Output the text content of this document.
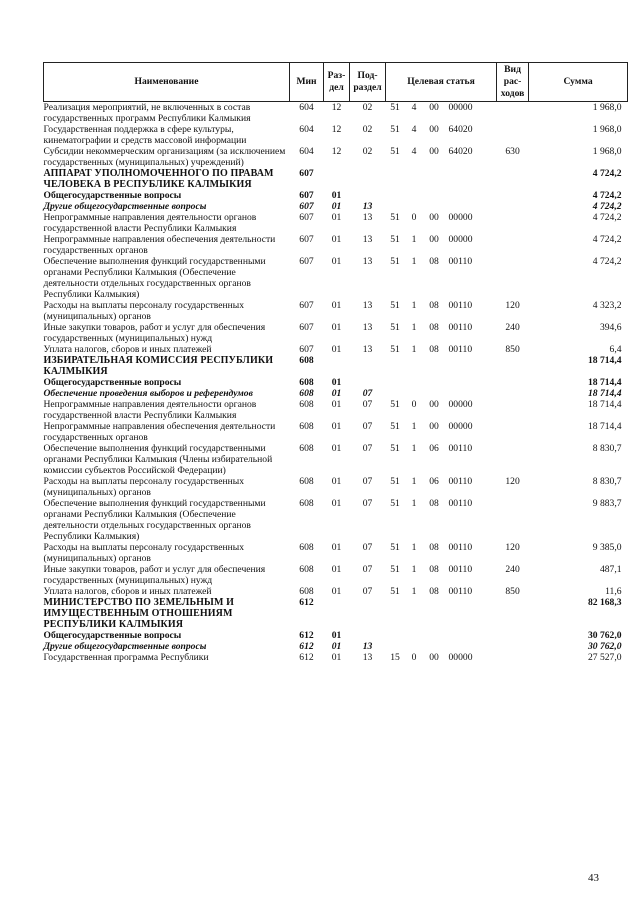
Наименование	Мин	Раз-дел	Под-раздел	Целевая статья				Вид рас-ходов	Сумма
Реализация мероприятий, не включенных в состав государственных программ Республики Калмыкия	604	12	02	51	4	00	00000		1 968,0
Государственная поддержка в сфере культуры, кинематографии и средств массовой информации	604	12	02	51	4	00	64020		1 968,0
Субсидии некоммерческим организациям (за исключением государственных (муниципальных) учреждений)	604	12	02	51	4	00	64020	630	1 968,0
АППАРАТ УПОЛНОМОЧЕННОГО ПО ПРАВАМ ЧЕЛОВЕКА В РЕСПУБЛИКЕ КАЛМЫКИЯ	607								4 724,2
Общегосударственные вопросы	607	01							4 724,2
Другие общегосударственные вопросы	607	01	13						4 724,2
Непрограммные направления деятельности органов государственной власти Республики Калмыкия	607	01	13	51	0	00	00000		4 724,2
Непрограммные направления обеспечения деятельности государственных органов	607	01	13	51	1	00	00000		4 724,2
Обеспечение выполнения функций государственными органами Республики Калмыкия (Обеспечение деятельности отдельных государственных органов Республики Калмыкия)	607	01	13	51	1	08	00110		4 724,2
Расходы на выплаты персоналу государственных (муниципальных) органов	607	01	13	51	1	08	00110	120	4 323,2
Иные закупки товаров, работ и услуг для обеспечения государственных (муниципальных) нужд	607	01	13	51	1	08	00110	240	394,6
Уплата налогов, сборов и иных платежей	607	01	13	51	1	08	00110	850	6,4
ИЗБИРАТЕЛЬНАЯ КОМИССИЯ РЕСПУБЛИКИ КАЛМЫКИЯ	608								18 714,4
Общегосударственные вопросы	608	01							18 714,4
Обеспечение проведения выборов и референдумов	608	01	07						18 714,4
Непрограммные направления деятельности органов государственной власти Республики Калмыкия	608	01	07	51	0	00	00000		18 714,4
Непрограммные направления обеспечения деятельности государственных органов	608	01	07	51	1	00	00000		18 714,4
Обеспечение выполнения функций государственными органами Республики Калмыкия (Члены избирательной комиссии субъектов Российской Федерации)	608	01	07	51	1	06	00110		8 830,7
Расходы на выплаты персоналу государственных (муниципальных) органов	608	01	07	51	1	06	00110	120	8 830,7
Обеспечение выполнения функций государственными органами Республики Калмыкия (Обеспечение деятельности отдельных государственных органов Республики Калмыкия)	608	01	07	51	1	08	00110		9 883,7
Расходы на выплаты персоналу государственных (муниципальных) органов	608	01	07	51	1	08	00110	120	9 385,0
Иные закупки товаров, работ и услуг для обеспечения государственных (муниципальных) нужд	608	01	07	51	1	08	00110	240	487,1
Уплата налогов, сборов и иных платежей	608	01	07	51	1	08	00110	850	11,6
МИНИСТЕРСТВО ПО ЗЕМЕЛЬНЫМ И ИМУЩЕСТВЕННЫМ ОТНОШЕНИЯМ РЕСПУБЛИКИ КАЛМЫКИЯ	612								82 168,3
Общегосударственные вопросы	612	01							30 762,0
Другие общегосударственные вопросы	612	01	13						30 762,0
Государственная программа Республики	612	01	13	15	0	00	00000		27 527,0
43
